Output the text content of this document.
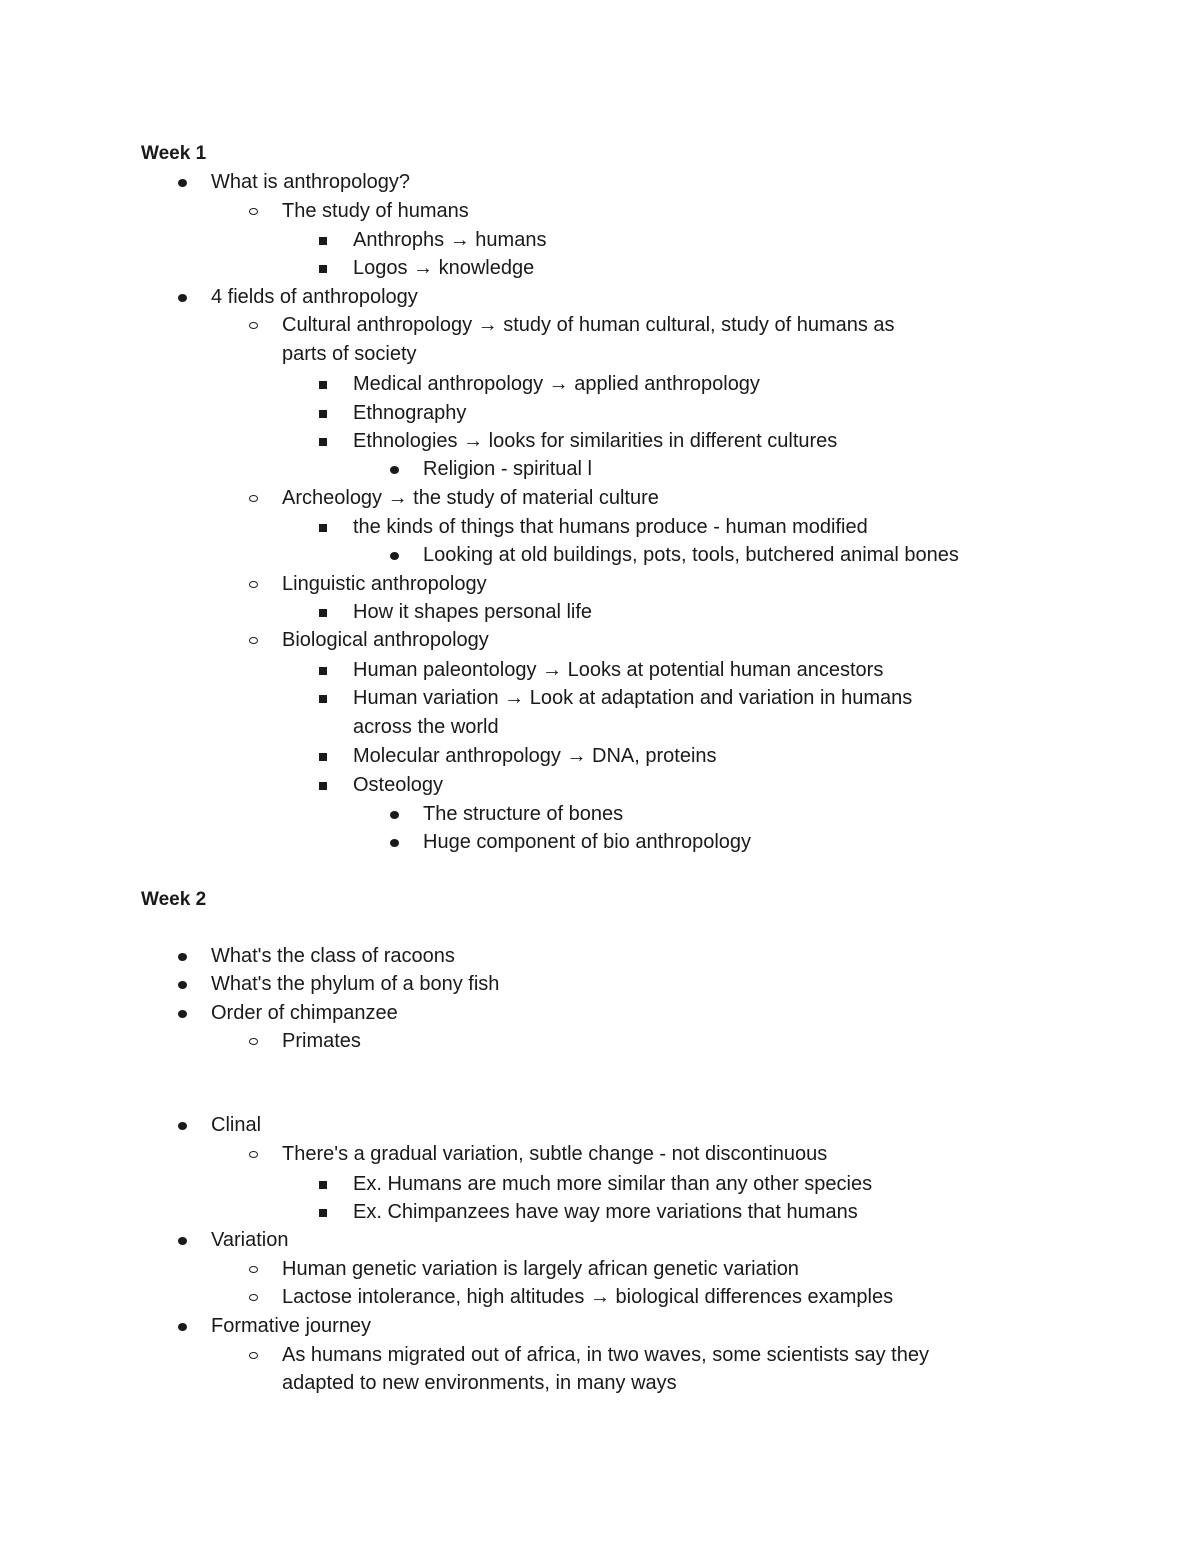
Week 1
What is anthropology?
The study of humans
Anthrophs → humans
Logos → knowledge
4 fields of anthropology
Cultural anthropology → study of human cultural, study of humans as
parts of society
Medical anthropology → applied anthropology
Ethnography
Ethnologies → looks for similarities in different cultures
Religion - spiritual l
Archeology → the study of material culture
the kinds of things that humans produce - human modified
Looking at old buildings, pots, tools, butchered animal bones
Linguistic anthropology
How it shapes personal life
Biological anthropology
Human paleontology → Looks at potential human ancestors
Human variation → Look at adaptation and variation in humans
across the world
Molecular anthropology → DNA, proteins
Osteology
The structure of bones
Huge component of bio anthropology
Week 2
What's the class of racoons
What's the phylum of a bony fish
Order of chimpanzee
Primates
Clinal
There's a gradual variation, subtle change - not discontinuous
Ex. Humans are much more similar than any other species
Ex. Chimpanzees have way more variations that humans
Variation
Human genetic variation is largely african genetic variation
Lactose intolerance, high altitudes → biological differences examples
Formative journey
As humans migrated out of africa, in two waves, some scientists say they
adapted to new environments, in many ways
